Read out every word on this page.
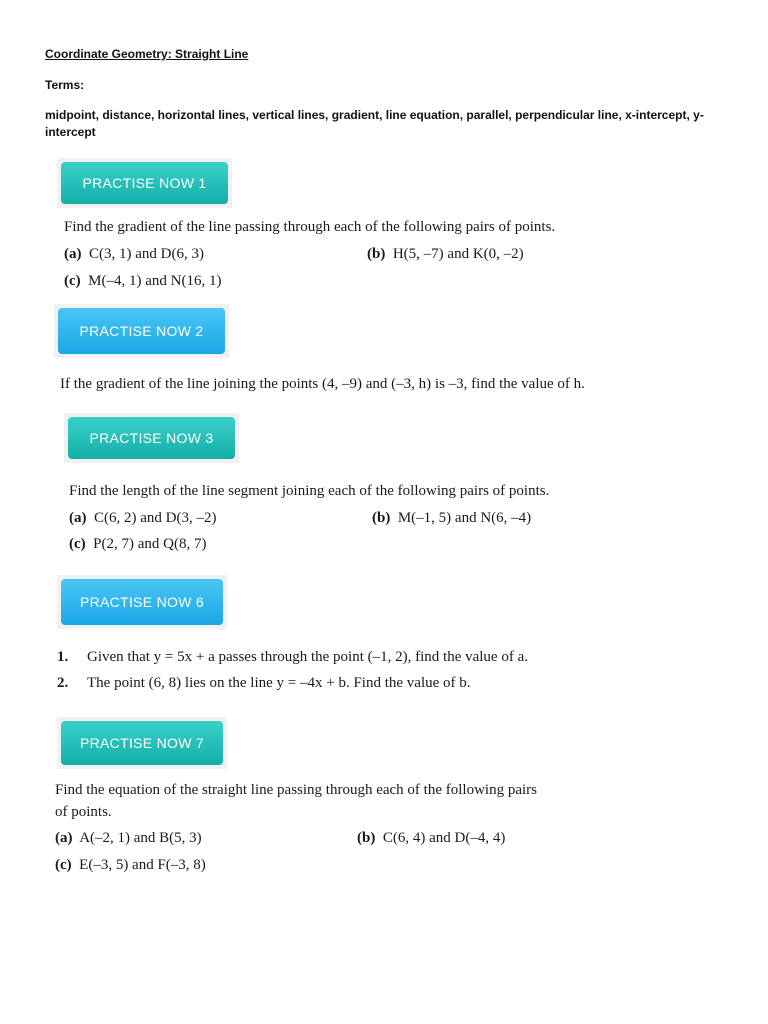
Coordinate Geometry: Straight Line
Terms:
midpoint, distance, horizontal lines, vertical lines, gradient, line equation, parallel, perpendicular line, x-intercept, y-intercept
PRACTISE NOW 1
Find the gradient of the line passing through each of the following pairs of points.
(a) C(3, 1) and D(6, 3)	(b) H(5, –7) and K(0, –2)
(c) M(–4, 1) and N(16, 1)
PRACTISE NOW 2
If the gradient of the line joining the points (4, –9) and (–3, h) is –3, find the value of h.
PRACTISE NOW 3
Find the length of the line segment joining each of the following pairs of points.
(a) C(6, 2) and D(3, –2)	(b) M(–1, 5) and N(6, –4)
(c) P(2, 7) and Q(8, 7)
PRACTISE NOW 6
1. Given that y = 5x + a passes through the point (–1, 2), find the value of a.
2. The point (6, 8) lies on the line y = –4x + b. Find the value of b.
PRACTISE NOW 7
Find the equation of the straight line passing through each of the following pairs
of points.
(a) A(–2, 1) and B(5, 3)	(b) C(6, 4) and D(–4, 4)
(c) E(–3, 5) and F(–3, 8)
